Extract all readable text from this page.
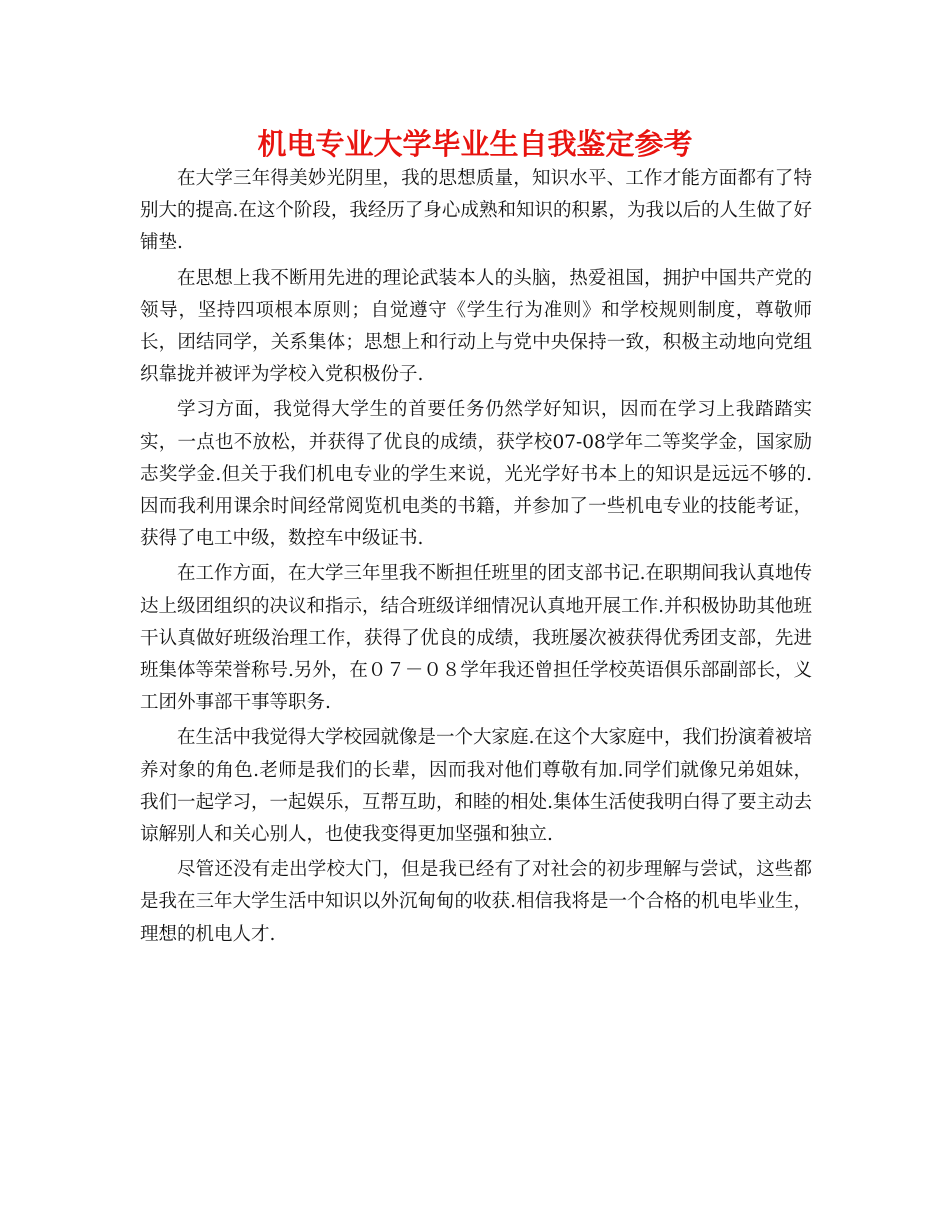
机电专业大学毕业生自我鉴定参考

在大学三年得美妙光阴里，我的思想质量，知识水平、工作才能方面都有了特别大的提高.在这个阶段，我经历了身心成熟和知识的积累，为我以后的人生做了好铺垫.

在思想上我不断用先进的理论武装本人的头脑，热爱祖国，拥护中国共产党的领导，坚持四项根本原则；自觉遵守《学生行为准则》和学校规则制度，尊敬师长，团结同学，关系集体；思想上和行动上与党中央保持一致，积极主动地向党组织靠拢并被评为学校入党积极份子.

学习方面，我觉得大学生的首要任务仍然学好知识，因而在学习上我踏踏实实，一点也不放松，并获得了优良的成绩，获学校07-08学年二等奖学金，国家励志奖学金.但关于我们机电专业的学生来说，光光学好书本上的知识是远远不够的.因而我利用课余时间经常阅览机电类的书籍，并参加了一些机电专业的技能考证，获得了电工中级，数控车中级证书.

在工作方面，在大学三年里我不断担任班里的团支部书记.在职期间我认真地传达上级团组织的决议和指示，结合班级详细情况认真地开展工作.并积极协助其他班干认真做好班级治理工作，获得了优良的成绩，我班屡次被获得优秀团支部，先进班集体等荣誉称号.另外，在０７－０８学年我还曾担任学校英语俱乐部副部长，义工团外事部干事等职务.

在生活中我觉得大学校园就像是一个大家庭.在这个大家庭中，我们扮演着被培养对象的角色.老师是我们的长辈，因而我对他们尊敬有加.同学们就像兄弟姐妹，我们一起学习，一起娱乐，互帮互助，和睦的相处.集体生活使我明白得了要主动去谅解别人和关心别人，也使我变得更加坚强和独立.

尽管还没有走出学校大门，但是我已经有了对社会的初步理解与尝试，这些都是我在三年大学生活中知识以外沉甸甸的收获.相信我将是一个合格的机电毕业生，理想的机电人才.
